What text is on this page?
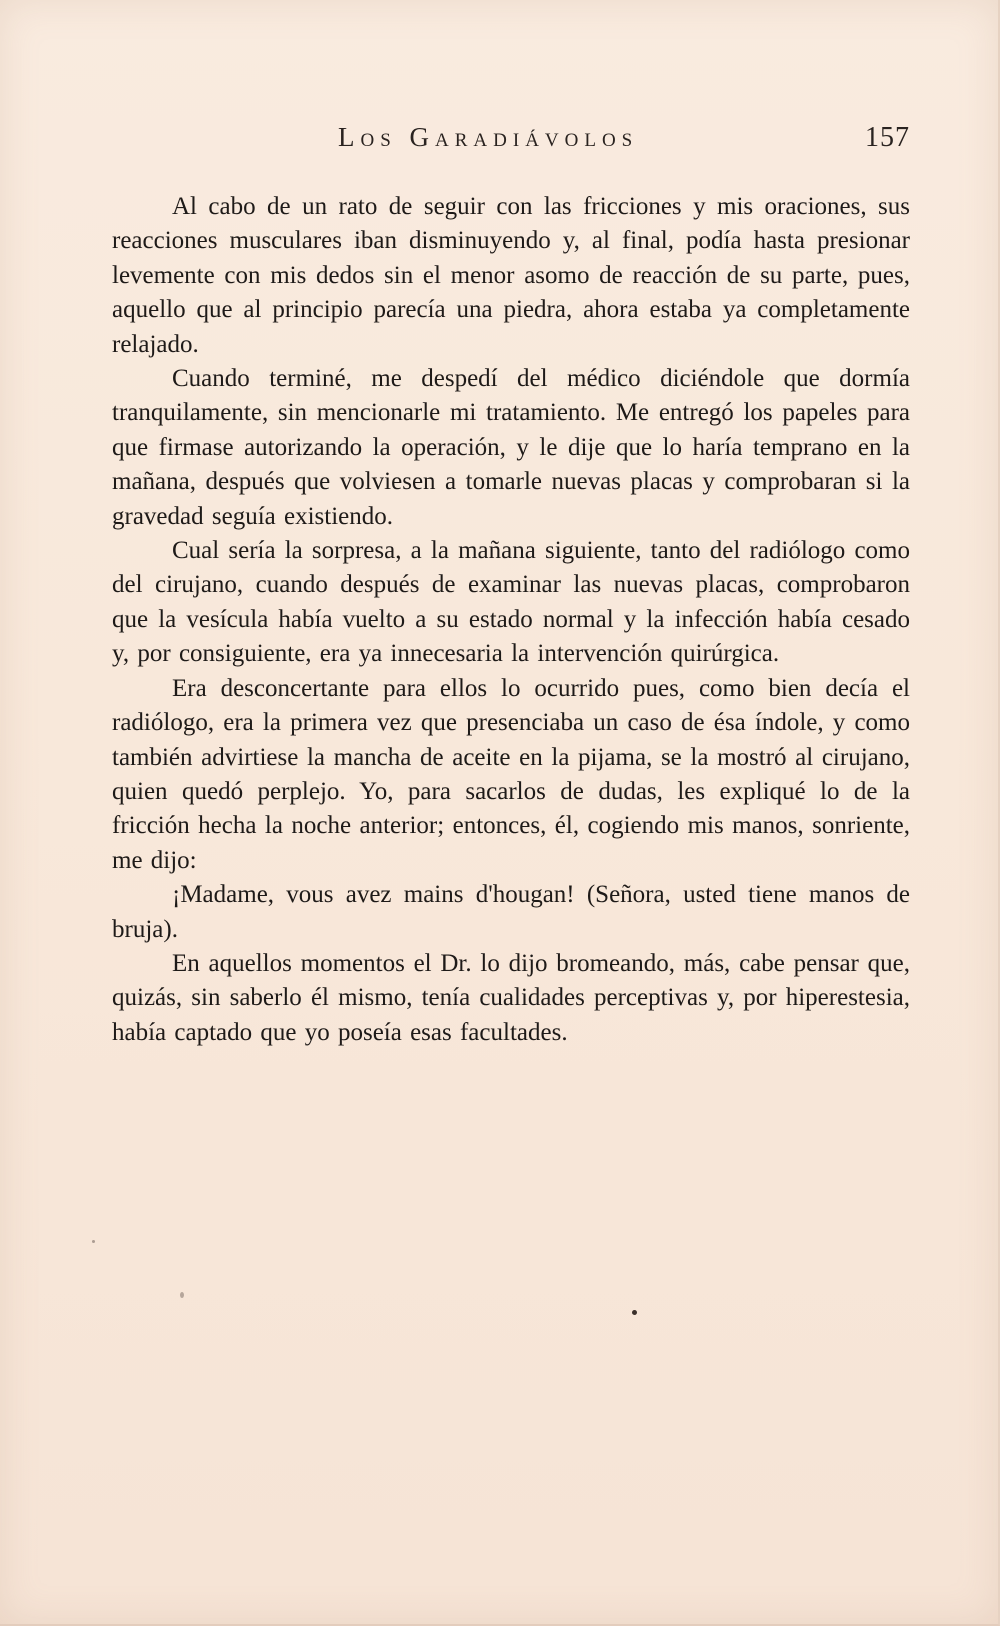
Los Garadiávolos	157

Al cabo de un rato de seguir con las fricciones y mis oraciones, sus reacciones musculares iban disminuyendo y, al final, podía hasta presionar levemente con mis dedos sin el menor asomo de reacción de su parte, pues, aquello que al principio parecía una piedra, ahora estaba ya completamente relajado.

Cuando terminé, me despedí del médico diciéndole que dormía tranquilamente, sin mencionarle mi tratamiento. Me entregó los papeles para que firmase autorizando la operación, y le dije que lo haría temprano en la mañana, después que volviesen a tomarle nuevas placas y comprobaran si la gravedad seguía existiendo.

Cual sería la sorpresa, a la mañana siguiente, tanto del radiólogo como del cirujano, cuando después de examinar las nuevas placas, comprobaron que la vesícula había vuelto a su estado normal y la infección había cesado y, por consiguiente, era ya innecesaria la intervención quirúrgica.

Era desconcertante para ellos lo ocurrido pues, como bien decía el radiólogo, era la primera vez que presenciaba un caso de ésa índole, y como también advirtiese la mancha de aceite en la pijama, se la mostró al cirujano, quien quedó perplejo. Yo, para sacarlos de dudas, les expliqué lo de la fricción hecha la noche anterior; entonces, él, cogiendo mis manos, sonriente, me dijo:

¡Madame, vous avez mains d'hougan! (Señora, usted tiene manos de bruja).

En aquellos momentos el Dr. lo dijo bromeando, más, cabe pensar que, quizás, sin saberlo él mismo, tenía cualidades perceptivas y, por hiperestesia, había captado que yo poseía esas facultades.
